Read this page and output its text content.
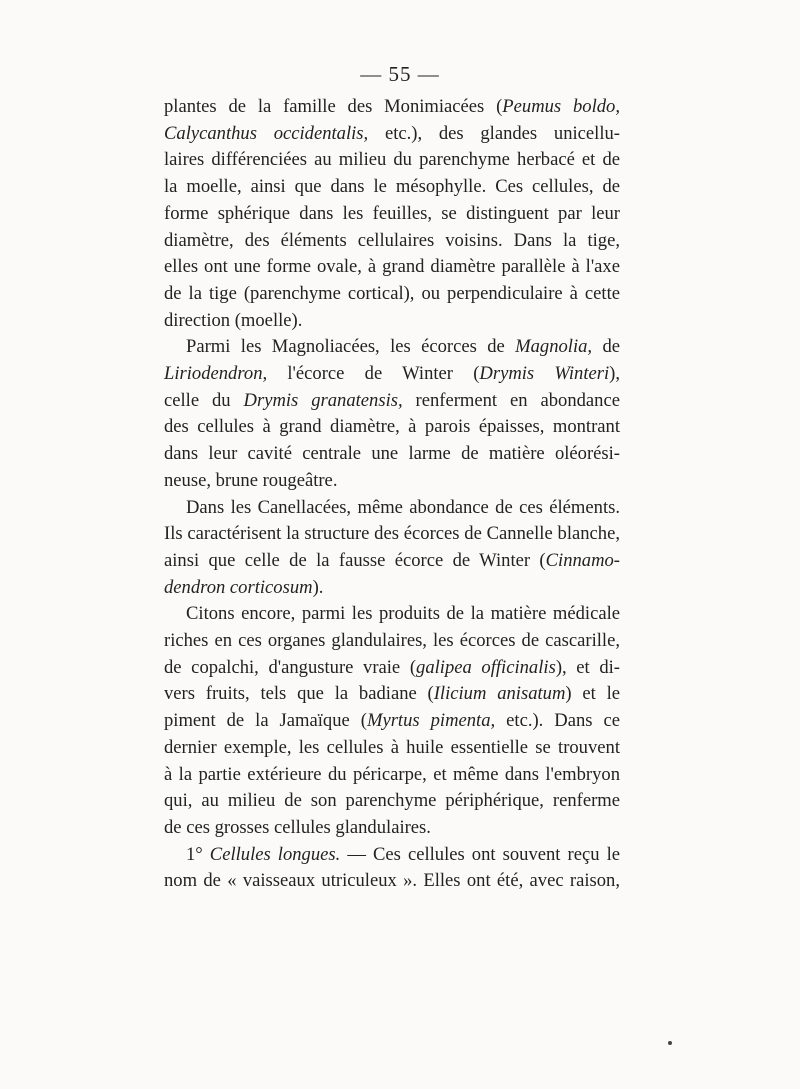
— 55 —

plantes de la famille des Monimiacées (Peumus boldo,
Calycanthus occidentalis, etc.), des glandes unicellu-
laires différenciées au milieu du parenchyme herbacé et de
la moelle, ainsi que dans le mésophylle. Ces cellules, de
forme sphérique dans les feuilles, se distinguent par leur
diamètre, des éléments cellulaires voisins. Dans la tige,
elles ont une forme ovale, à grand diamètre parallèle à l'axe
de la tige (parenchyme cortical), ou perpendiculaire à cette
direction (moelle).

Parmi les Magnoliacées, les écorces de Magnolia, de
Liriodendron, l'écorce de Winter (Drymis Winteri),
celle du Drymis granatensis, renferment en abondance
des cellules à grand diamètre, à parois épaisses, montrant
dans leur cavité centrale une larme de matière oléorési-
neuse, brune rougeâtre.

Dans les Canellacées, même abondance de ces éléments.
Ils caractérisent la structure des écorces de Cannelle blanche,
ainsi que celle de la fausse écorce de Winter (Cinnamo-
dendron corticosum).

Citons encore, parmi les produits de la matière médicale
riches en ces organes glandulaires, les écorces de cascarille,
de copalchi, d'angusture vraie (galipea officinalis), et di-
vers fruits, tels que la badiane (Ilicium anisatum) et le
piment de la Jamaïque (Myrtus pimenta, etc.). Dans ce
dernier exemple, les cellules à huile essentielle se trouvent
à la partie extérieure du péricarpe, et même dans l'embryon
qui, au milieu de son parenchyme périphérique, renferme
de ces grosses cellules glandulaires.

1° Cellules longues. — Ces cellules ont souvent reçu le
nom de « vaisseaux utriculeux ». Elles ont été, avec raison,
